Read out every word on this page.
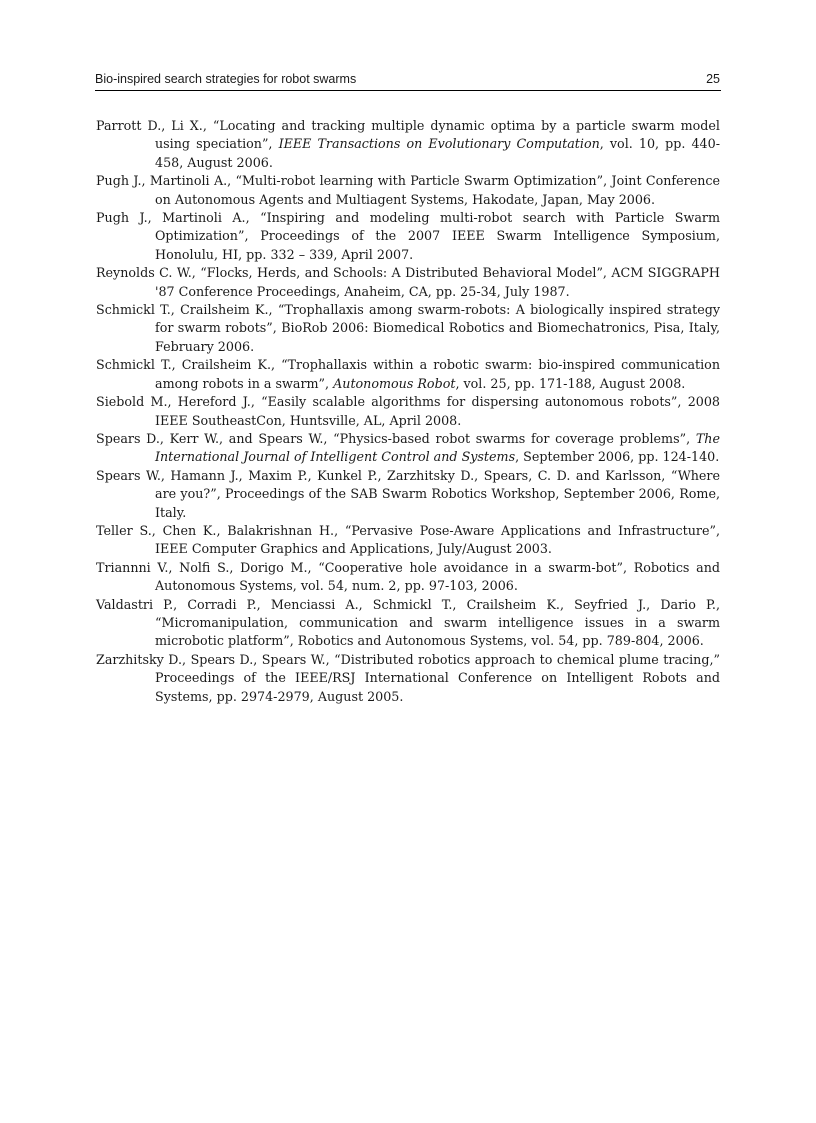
Bio-inspired search strategies for robot swarms	25

Parrott D., Li X., “Locating and tracking multiple dynamic optima by a particle swarm model using speciation”, IEEE Transactions on Evolutionary Computation, vol. 10, pp. 440-458, August 2006.

Pugh J., Martinoli A., “Multi-robot learning with Particle Swarm Optimization”, Joint Conference on Autonomous Agents and Multiagent Systems, Hakodate, Japan, May 2006.

Pugh J., Martinoli A., “Inspiring and modeling multi-robot search with Particle Swarm Optimization”, Proceedings of the 2007 IEEE Swarm Intelligence Symposium, Honolulu, HI, pp. 332 – 339, April 2007.

Reynolds C. W., “Flocks, Herds, and Schools: A Distributed Behavioral Model”, ACM SIGGRAPH '87 Conference Proceedings, Anaheim, CA, pp. 25-34, July 1987.

Schmickl T., Crailsheim K., “Trophallaxis among swarm-robots: A biologically inspired strategy for swarm robots”, BioRob 2006: Biomedical Robotics and Biomechatronics, Pisa, Italy, February 2006.

Schmickl T., Crailsheim K., “Trophallaxis within a robotic swarm: bio-inspired communication among robots in a swarm”, Autonomous Robot, vol. 25, pp. 171-188, August 2008.

Siebold M., Hereford J., “Easily scalable algorithms for dispersing autonomous robots”, 2008 IEEE SoutheastCon, Huntsville, AL, April 2008.

Spears D., Kerr W., and Spears W., “Physics-based robot swarms for coverage problems”, The International Journal of Intelligent Control and Systems, September 2006, pp. 124-140.

Spears W., Hamann J., Maxim P., Kunkel P., Zarzhitsky D., Spears, C. D. and Karlsson, “Where are you?”, Proceedings of the SAB Swarm Robotics Workshop, September 2006, Rome, Italy.

Teller S., Chen K., Balakrishnan H., “Pervasive Pose-Aware Applications and Infrastructure”, IEEE Computer Graphics and Applications, July/August 2003.

Triannni V., Nolfi S., Dorigo M., “Cooperative hole avoidance in a swarm-bot”, Robotics and Autonomous Systems, vol. 54, num. 2, pp. 97-103, 2006.

Valdastri P., Corradi P., Menciassi A., Schmickl T., Crailsheim K., Seyfried J., Dario P., “Micromanipulation, communication and swarm intelligence issues in a swarm microbotic platform”, Robotics and Autonomous Systems, vol. 54, pp. 789-804, 2006.

Zarzhitsky D., Spears D., Spears W., “Distributed robotics approach to chemical plume tracing,” Proceedings of the IEEE/RSJ International Conference on Intelligent Robots and Systems, pp. 2974-2979, August 2005.
